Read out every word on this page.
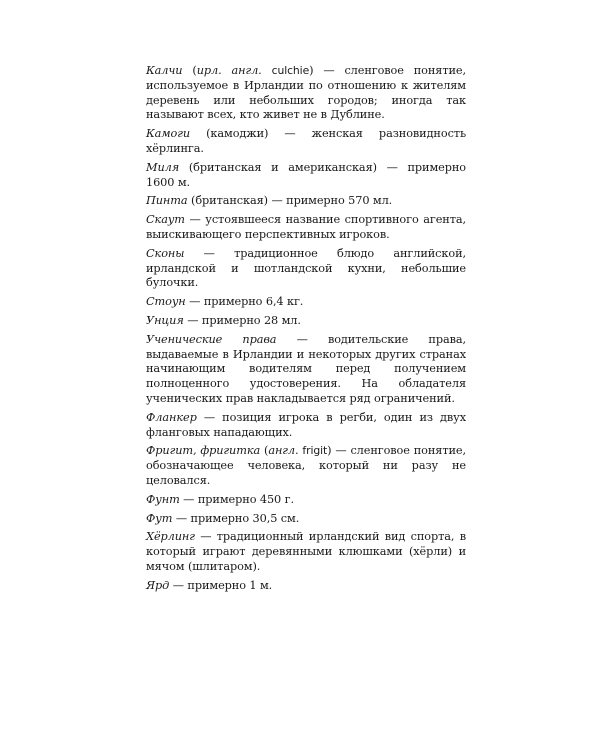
Калчи (ирл. англ. culchie) — сленговое понятие, используемое в Ирландии по отношению к жителям деревень или небольших городов; иногда так называют всех, кто живет не в Дублине.

Камоги (камоджи) — женская разновидность хёрлинга.

Миля (британская и американская) — примерно 1600 м.

Пинта (британская) — примерно 570 мл.

Скаут — устоявшееся название спортивного агента, выискивающего перспективных игроков.

Сконы — традиционное блюдо английской, ирландской и шотландской кухни, небольшие булочки.

Стоун — примерно 6,4 кг.

Унция — примерно 28 мл.

Ученические права — водительские права, выдаваемые в Ирландии и некоторых других странах начинающим водителям перед получением полноценного удостоверения. На обладателя ученических прав накладывается ряд ограничений.

Фланкер — позиция игрока в регби, один из двух фланговых нападающих.

Фригит, фригитка (англ. frigit) — сленговое понятие, обозначающее человека, который ни разу не целовался.

Фунт — примерно 450 г.

Фут — примерно 30,5 см.

Хёрлинг — традиционный ирландский вид спорта, в который играют деревянными клюшками (хёрли) и мячом (шлитаром).

Ярд — примерно 1 м.
